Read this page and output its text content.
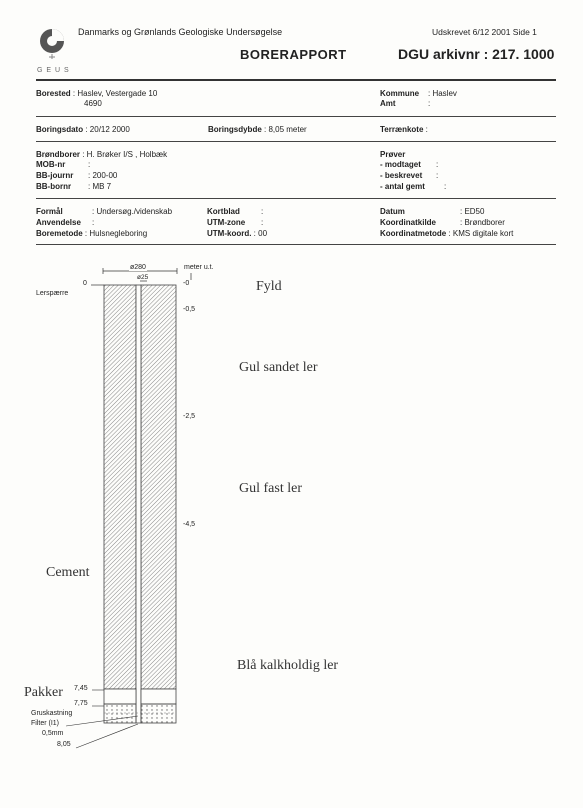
G E U S
Danmarks og Grønlands Geologiske Undersøgelse	Udskrevet 6/12 2001 Side 1
BORERAPPORT	DGU arkivnr : 217. 1000
Borested : Haslev, Vestergade 10
4690
Kommune : Haslev
Amt	:
Boringsdato : 20/12 2000	Boringsdybde : 8,05 meter	Terrænkote :
Brøndborer : H. Brøker I/S , Holbæk
MOB-nr	:
BB-journr : 200-00
BB-bornr : MB 7
Prøver
- modtaget :
- beskrevet :
- antal gemt :
Formål	: Undersøg./videnskab
Anvendelse :
Boremetode : Hulsnegleboring
Kortblad	:
UTM-zone :
UTM-koord. : 00
Datum	: ED50
Koordinatkilde	: Brøndborer
Koordinatmetode : KMS digitale kort
ø280
ø25
meter u.t.
0
Lerspærre
-0
-0,5
-2,5
-4,5
Fyld
Gul sandet ler
Gul fast ler
Blå kalkholdig ler
Cement
Pakker 7,45
7,75
Gruskastning
Filter (I1)
0,5mm
8,05
